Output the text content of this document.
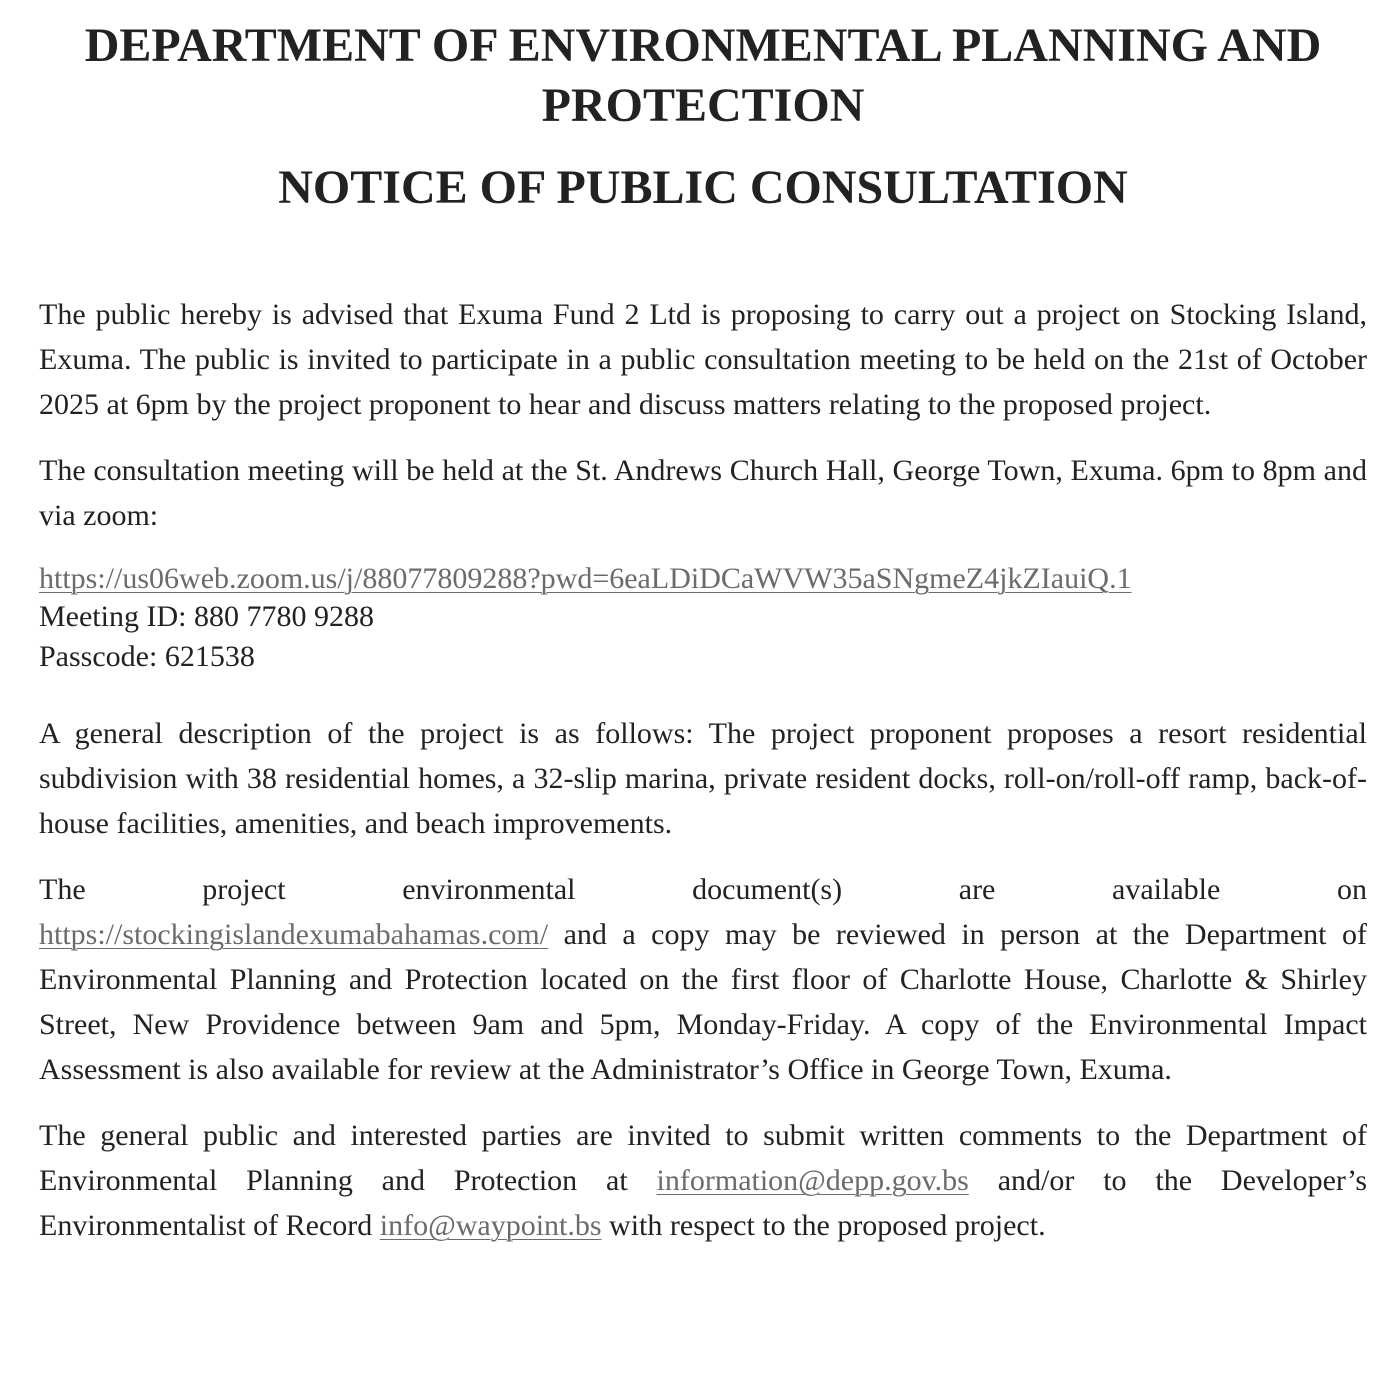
DEPARTMENT OF ENVIRONMENTAL PLANNING AND PROTECTION
NOTICE OF PUBLIC CONSULTATION

The public hereby is advised that Exuma Fund 2 Ltd is proposing to carry out a project on Stocking Island, Exuma. The public is invited to participate in a public consultation meeting to be held on the 21st of October 2025 at 6pm by the project proponent to hear and discuss matters relating to the proposed project.

The consultation meeting will be held at the St. Andrews Church Hall, George Town, Exuma. 6pm to 8pm and via zoom:

https://us06web.zoom.us/j/88077809288?pwd=6eaLDiDCaWVW35aSNgmeZ4jkZIauiQ.1

Meeting ID: 880 7780 9288

Passcode: 621538

A general description of the project is as follows: The project proponent proposes a resort residential subdivision with 38 residential homes, a 32-slip marina, private resident docks, roll-on/roll-off ramp, back-of-house facilities, amenities, and beach improvements.

The	project	environmental	document(s)	are	available	on

https://stockingislandexumabahamas.com/ and a copy may be reviewed in person at the Department of Environmental Planning and Protection located on the first floor of Charlotte House, Charlotte & Shirley Street, New Providence between 9am and 5pm, Monday-Friday. A copy of the Environmental Impact Assessment is also available for review at the Administrator’s Office in George Town, Exuma.

The general public and interested parties are invited to submit written comments to the Department of Environmental Planning and Protection at information@depp.gov.bs and/or to the Developer’s Environmentalist of Record info@waypoint.bs with respect to the proposed project.
